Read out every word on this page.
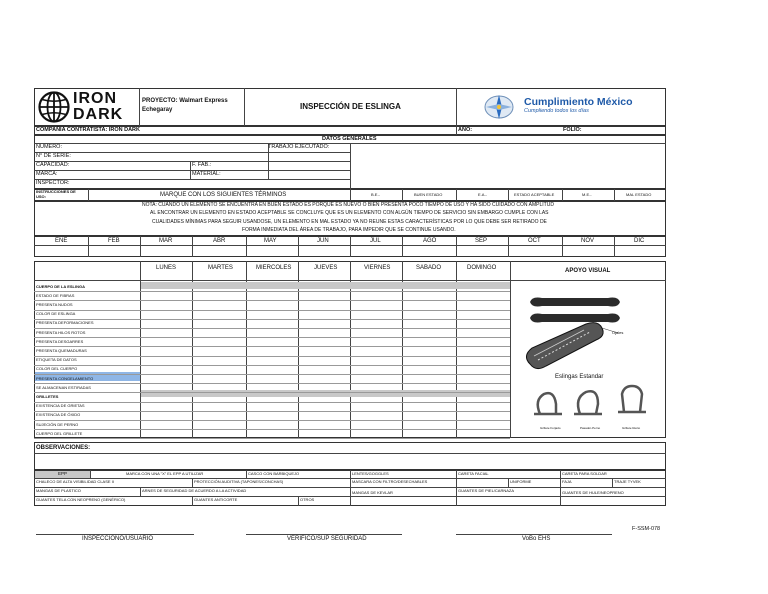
IRON
DARK
PROYECTO: Walmart Express
Echegaray	INSPECCIÓN DE ESLINGA	Cumplimiento México
Cumpliendo todos los días
COMPAÑIA CONTRATISTA: IRON DARK	AÑO:	FOLIO:
DATOS GENERALES
NUMERO:
N° DE SERIE:
CAPACIDAD:
MARCA:
INSPECTOR:
TRABAJO EJECUTADO:
F. FAB.:
MATERIAL:
INSTRUCCIONES DE
USO:	MARQUE CON LOS SIGUIENTES TÉRMINOS	B.E.-	BUEN ESTADO	E.A.-	ESTADO ACEPTABLE	M.E.-	MAL ESTADO
NOTA: CUANDO UN ELEMENTO SE ENCUENTRA EN BUEN ESTADO ES PORQUE ES NUEVO O BIEN PRESENTA POCO TIEMPO DE USO Y HA SIDO CUIDADO CON AMPLITUD
AL ENCONTRAR UN ELEMENTO EN ESTADO ACEPTABLE SE CONCLUYE QUE ES UN ELEMENTO CON ALGÚN TIEMPO DE SERVICIO SIN EMBARGO CUMPLE CON LAS
CUALIDADES MÍNIMAS PARA SEGUIR USANDOSE, UN ELEMENTO EN MAL ESTADO YA NO REUNE ESTAS CARACTERÍSTICAS POR LO QUE DEBE SER RETIRADO DE
FORMA INMEDIATA DEL ÁREA DE TRABAJO, PARA IMPEDIR QUE SE CONTINUE USANDO.
ENE	FEB	MAR	ABR	MAY	JUN	JUL	AGO	SEP	OCT	NOV	DIC
LUNES	MARTES	MIERCOLES	JUEVES	VIERNES	SABADO	DOMINGO	APOYO VISUAL
CUERPO DE LA ESLINGA
ESTADO DE FIBRAS
PRESENTA NUDOS
COLOR DE ESLINGA
PRESENTA DEFORMACIONES
PRESENTA HILOS ROTOS
PRESENTA DESGARRES
PRESENTA QUEMADURAS
ETIQUETA DE DATOS
COLOR DEL CUERPO
PRESENTA CONGELAMIENTO
SE ALMACENAN ESTIRADAS
GRILLETES
EXISTENCIA DE GRIETAS
EXISTENCIA DE ÓXIDO
SUJECIÓN DE PERNO
CUERPO DEL GRILLETE
Ojales
Eslingas Estandar
Grillete Forjado	Pasador-Perno	Grillete Recto
OBSERVACIONES:
EPP	MARCA CON UNA "X" EL EPP A UTILIZAR	CASCO CON BARBIQUEJO	LENTES/GOGGLES	CARETA FACIAL	CARETA PARA SOLDAR
CHALECO DE ALTA VISIBILIDAD CLASE II	PROTECCIÓN AUDITIVA (TAPONES/CONCHAS)	MASCARA CON FILTRO/DESECHABLES	UNIFORME	FAJA	TRAJE TYVEK
MANGAS DE PLASTICO	ARNES DE SEGURIDAD DE ACUERDO A LA ACTIVIDAD	MANGAS DE KEVLAR	GUANTES DE PIEL/CARNAZA	GUANTES DE HULE/NEOPRENO
GUANTES TELA CON NEOPRENO (GENÉRICO)	GUANTES ANTICORTE	OTROS
F-SSM-078
INSPECCIONO/USUARIO	VERIFICO/SUP SEGURIDAD	VoBo EHS
